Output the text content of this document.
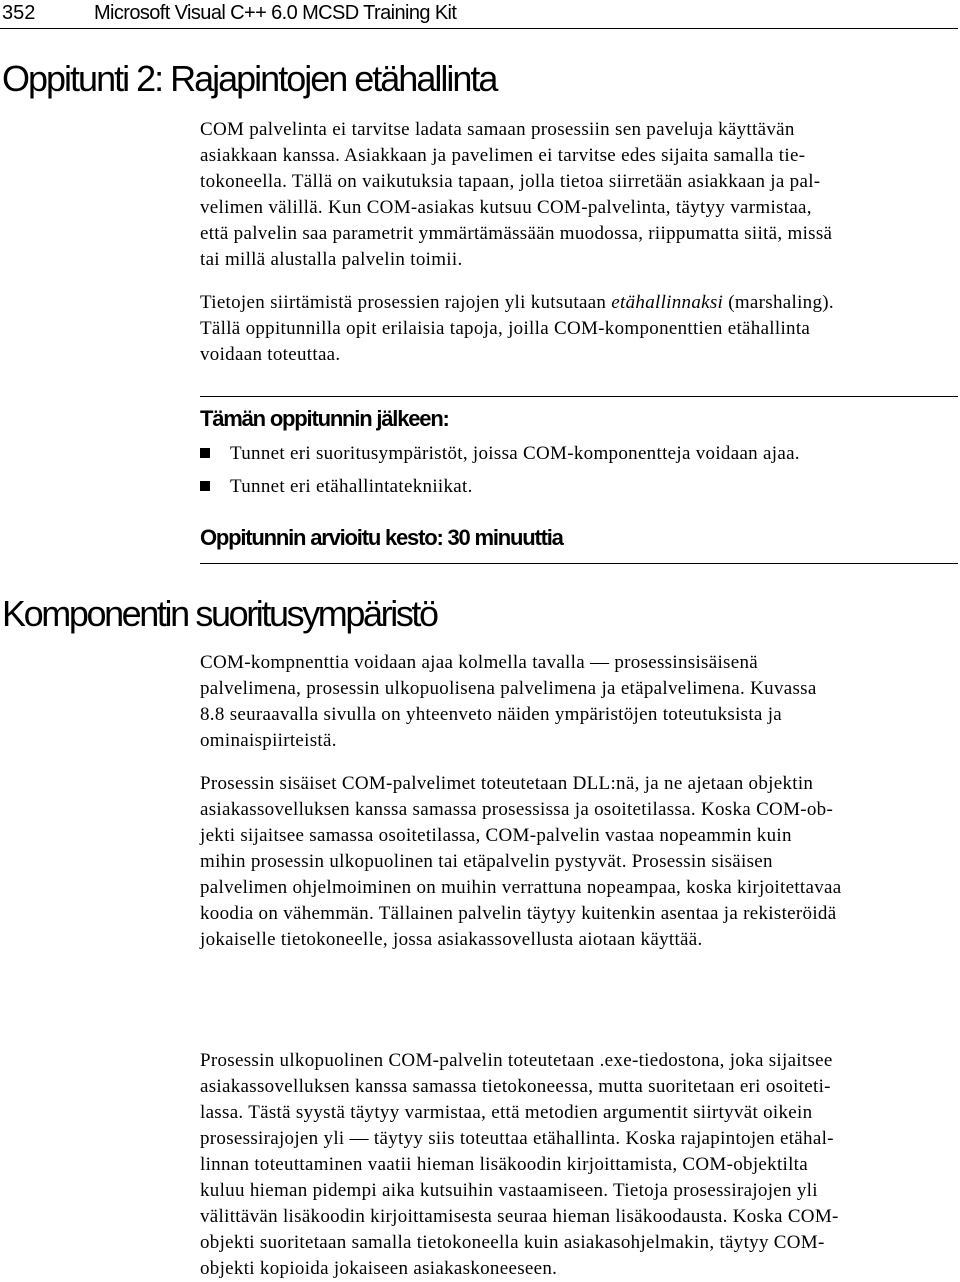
352	Microsoft Visual C++ 6.0 MCSD Training Kit
Oppitunti 2: Rajapintojen etähallinta

COM palvelinta ei tarvitse ladata samaan prosessiin sen paveluja käyttävän
asiakkaan kanssa. Asiakkaan ja pavelimen ei tarvitse edes sijaita samalla tie-
tokoneella. Tällä on vaikutuksia tapaan, jolla tietoa siirretään asiakkaan ja pal-
velimen välillä. Kun COM-asiakas kutsuu COM-palvelinta, täytyy varmistaa,
että palvelin saa parametrit ymmärtämässään muodossa, riippumatta siitä, missä
tai millä alustalla palvelin toimii.

Tietojen siirtämistä prosessien rajojen yli kutsutaan etähallinnaksi (marshaling).
Tällä oppitunnilla opit erilaisia tapoja, joilla COM-komponenttien etähallinta
voidaan toteuttaa.

Tämän oppitunnin jälkeen:
Tunnet eri suoritusympäristöt, joissa COM-komponentteja voidaan ajaa.
Tunnet eri etähallintatekniikat.
Oppitunnin arvioitu kesto: 30 minuuttia
Komponentin suoritusympäristö

COM-kompnenttia voidaan ajaa kolmella tavalla — prosessinsisäisenä
palvelimena, prosessin ulkopuolisena palvelimena ja etäpalvelimena. Kuvassa
8.8 seuraavalla sivulla on yhteenveto näiden ympäristöjen toteutuksista ja
ominaispiirteistä.

Prosessin sisäiset COM-palvelimet toteutetaan DLL:nä, ja ne ajetaan objektin
asiakassovelluksen kanssa samassa prosessissa ja osoitetilassa. Koska COM-ob-
jekti sijaitsee samassa osoitetilassa, COM-palvelin vastaa nopeammin kuin
mihin prosessin ulkopuolinen tai etäpalvelin pystyvät. Prosessin sisäisen
palvelimen ohjelmoiminen on muihin verrattuna nopeampaa, koska kirjoitettavaa
koodia on vähemmän. Tällainen palvelin täytyy kuitenkin asentaa ja rekisteröidä
jokaiselle tietokoneelle, jossa asiakassovellusta aiotaan käyttää.

Prosessin ulkopuolinen COM-palvelin toteutetaan .exe-tiedostona, joka sijaitsee
asiakassovelluksen kanssa samassa tietokoneessa, mutta suoritetaan eri osoiteti-
lassa. Tästä syystä täytyy varmistaa, että metodien argumentit siirtyvät oikein
prosessirajojen yli — täytyy siis toteuttaa etähallinta. Koska rajapintojen etähal-
linnan toteuttaminen vaatii hieman lisäkoodin kirjoittamista, COM-objektilta
kuluu hieman pidempi aika kutsuihin vastaamiseen. Tietoja prosessirajojen yli
välittävän lisäkoodin kirjoittamisesta seuraa hieman lisäkoodausta. Koska COM-
objekti suoritetaan samalla tietokoneella kuin asiakasohjelmakin, täytyy COM-
objekti kopioida jokaiseen asiakaskoneeseen.
